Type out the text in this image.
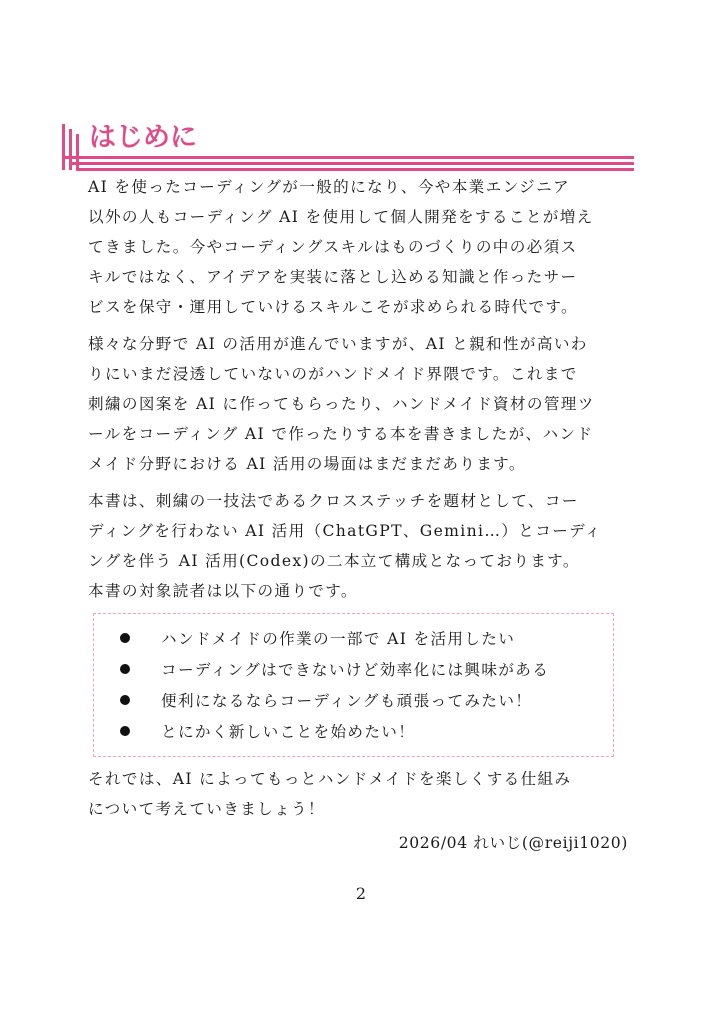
はじめに

AI を使ったコーディングが一般的になり、今や本業エンジニア
以外の人もコーディング AI を使用して個人開発をすることが増え
てきました。今やコーディングスキルはものづくりの中の必須ス
キルではなく、アイデアを実装に落とし込める知識と作ったサー
ビスを保守・運用していけるスキルこそが求められる時代です。

様々な分野で AI の活用が進んでいますが、AI と親和性が高いわ
りにいまだ浸透していないのがハンドメイド界隈です。これまで
刺繍の図案を AI に作ってもらったり、ハンドメイド資材の管理ツ
ールをコーディング AI で作ったりする本を書きましたが、ハンド
メイド分野における AI 活用の場面はまだまだあります。

本書は、刺繍の一技法であるクロスステッチを題材として、コー
ディングを行わない AI 活用（ChatGPT、Gemini…）とコーディ
ングを伴う AI 活用(Codex)の二本立て構成となっております。

本書の対象読者は以下の通りです。

ハンドメイドの作業の一部で AI を活用したい
コーディングはできないけど効率化には興味がある
便利になるならコーディングも頑張ってみたい！
とにかく新しいことを始めたい！

それでは、AI によってもっとハンドメイドを楽しくする仕組み
について考えていきましょう！

2026/04 れいじ(@reiji1020)
2
